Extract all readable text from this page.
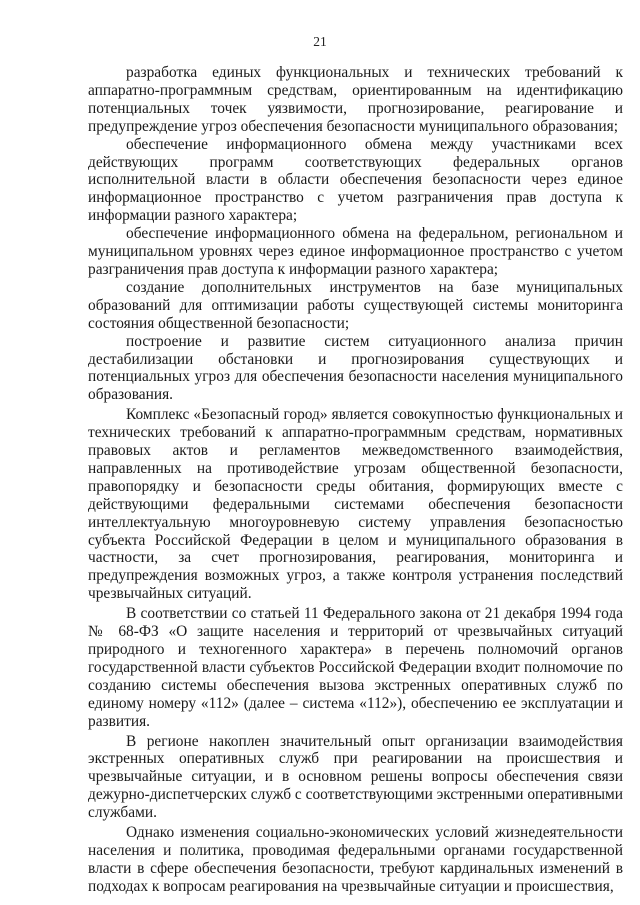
21

разработка единых функциональных и технических требований к аппаратно-программным средствам, ориентированным на идентификацию потенциальных точек уязвимости, прогнозирование, реагирование и предупреждение угроз обеспечения безопасности муниципального образования;

обеспечение информационного обмена между участниками всех действующих программ соответствующих федеральных органов исполнительной власти в области обеспечения безопасности через единое информационное пространство с учетом разграничения прав доступа к информации разного характера;

обеспечение информационного обмена на федеральном, региональном и муниципальном уровнях через единое информационное пространство с учетом разграничения прав доступа к информации разного характера;

создание дополнительных инструментов на базе муниципальных образований для оптимизации работы существующей системы мониторинга состояния общественной безопасности;

построение и развитие систем ситуационного анализа причин дестабилизации обстановки и прогнозирования существующих и потенциальных угроз для обеспечения безопасности населения муниципального образования.

Комплекс «Безопасный город» является совокупностью функциональных и технических требований к аппаратно-программным средствам, нормативных правовых актов и регламентов межведомственного взаимодействия, направленных на противодействие угрозам общественной безопасности, правопорядку и безопасности среды обитания, формирующих вместе с действующими федеральными системами обеспечения безопасности интеллектуальную многоуровневую систему управления безопасностью субъекта Российской Федерации в целом и муниципального образования в частности, за счет прогнозирования, реагирования, мониторинга и предупреждения возможных угроз, а также контроля устранения последствий чрезвычайных ситуаций.

В соответствии со статьей 11 Федерального закона от 21 декабря 1994 года № 68-ФЗ «О защите населения и территорий от чрезвычайных ситуаций природного и техногенного характера» в перечень полномочий органов государственной власти субъектов Российской Федерации входит полномочие по созданию системы обеспечения вызова экстренных оперативных служб по единому номеру «112» (далее – система «112»), обеспечению ее эксплуатации и развития.

В регионе накоплен значительный опыт организации взаимодействия экстренных оперативных служб при реагировании на происшествия и чрезвычайные ситуации, и в основном решены вопросы обеспечения связи дежурно-диспетчерских служб с соответствующими экстренными оперативными службами.

Однако изменения социально-экономических условий жизнедеятельности населения и политика, проводимая федеральными органами государственной власти в сфере обеспечения безопасности, требуют кардинальных изменений в подходах к вопросам реагирования на чрезвычайные ситуации и происшествия,
